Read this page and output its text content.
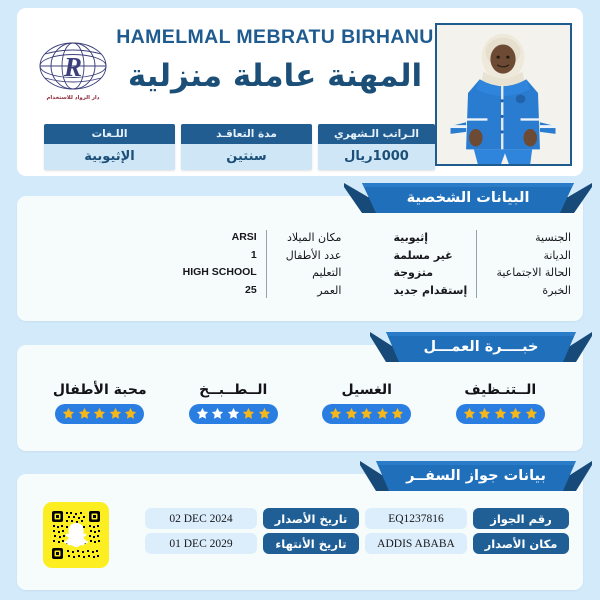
R
دار الرواد للاستخدام
HAMELMAL MEBRATU BIRHANU
المهنة عاملة منزلية
اللـغات
الإثيوبية
مدة التعاقـد
سنتين
الـراتب الـشهري
1000ريال
البيانات الشخصية
الجنسية
الديانة
الحالة الاجتماعية
الخبرة
إثيوبية
غير مسلمة
متزوجة
إستقدام جديد
مكان الميلاد
عدد الأطفال
التعليم
العمر
ARSI
1
HIGH SCHOOL
25
خبــــرة العمـــل
الــتنـظيف
الغسيل
الــطــبــخ
محبة الأطفال
بيانات جواز السفــر
رقم الجواز
EQ1237816
تاريخ الأصدار
02 DEC 2024
مكان الأصدار
ADDIS ABABA
تاريخ الأنتهاء
01 DEC 2029
